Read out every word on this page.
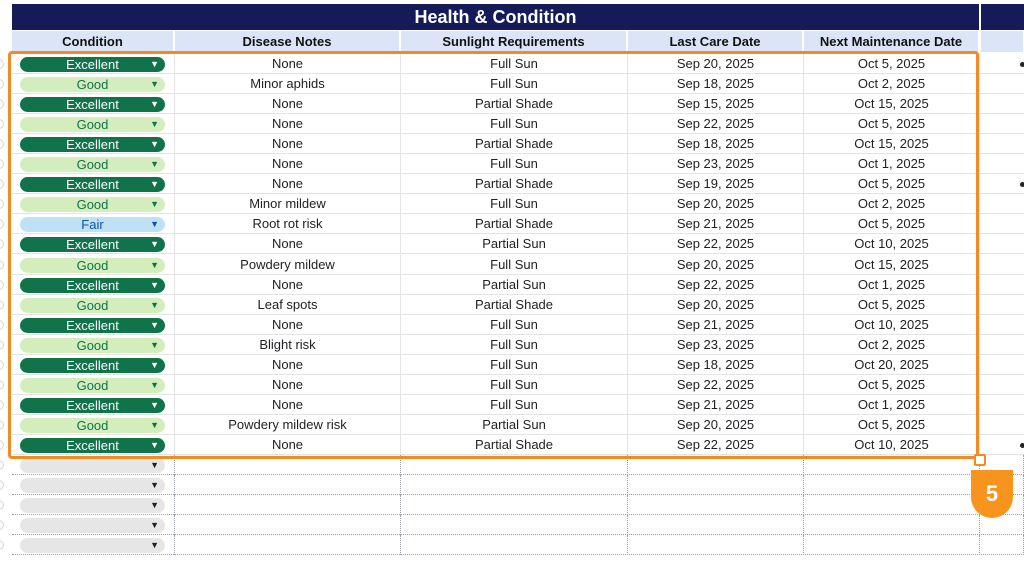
Health & Condition
Condition	Disease Notes	Sunlight Requirements	Last Care Date	Next Maintenance Date
Excellent	▼	None	Full Sun	Sep 20, 2025	Oct 5, 2025
Good	▼	Minor aphids	Full Sun	Sep 18, 2025	Oct 2, 2025
Excellent	▼	None	Partial Shade	Sep 15, 2025	Oct 15, 2025
Good	▼	None	Full Sun	Sep 22, 2025	Oct 5, 2025
Excellent	▼	None	Partial Shade	Sep 18, 2025	Oct 15, 2025
Good	▼	None	Full Sun	Sep 23, 2025	Oct 1, 2025
Excellent	▼	None	Partial Shade	Sep 19, 2025	Oct 5, 2025
Good	▼	Minor mildew	Full Sun	Sep 20, 2025	Oct 2, 2025
Fair	▼	Root rot risk	Partial Shade	Sep 21, 2025	Oct 5, 2025
Excellent	▼	None	Partial Sun	Sep 22, 2025	Oct 10, 2025
Good	▼	Powdery mildew	Full Sun	Sep 20, 2025	Oct 15, 2025
Excellent	▼	None	Partial Sun	Sep 22, 2025	Oct 1, 2025
Good	▼	Leaf spots	Partial Shade	Sep 20, 2025	Oct 5, 2025
Excellent	▼	None	Full Sun	Sep 21, 2025	Oct 10, 2025
Good	▼	Blight risk	Full Sun	Sep 23, 2025	Oct 2, 2025
Excellent	▼	None	Full Sun	Sep 18, 2025	Oct 20, 2025
Good	▼	None	Full Sun	Sep 22, 2025	Oct 5, 2025
Excellent	▼	None	Full Sun	Sep 21, 2025	Oct 1, 2025
Good	▼	Powdery mildew risk	Partial Sun	Sep 20, 2025	Oct 5, 2025
Excellent	▼	None	Partial Shade	Sep 22, 2025	Oct 10, 2025
▼
▼
▼
▼
▼
5
